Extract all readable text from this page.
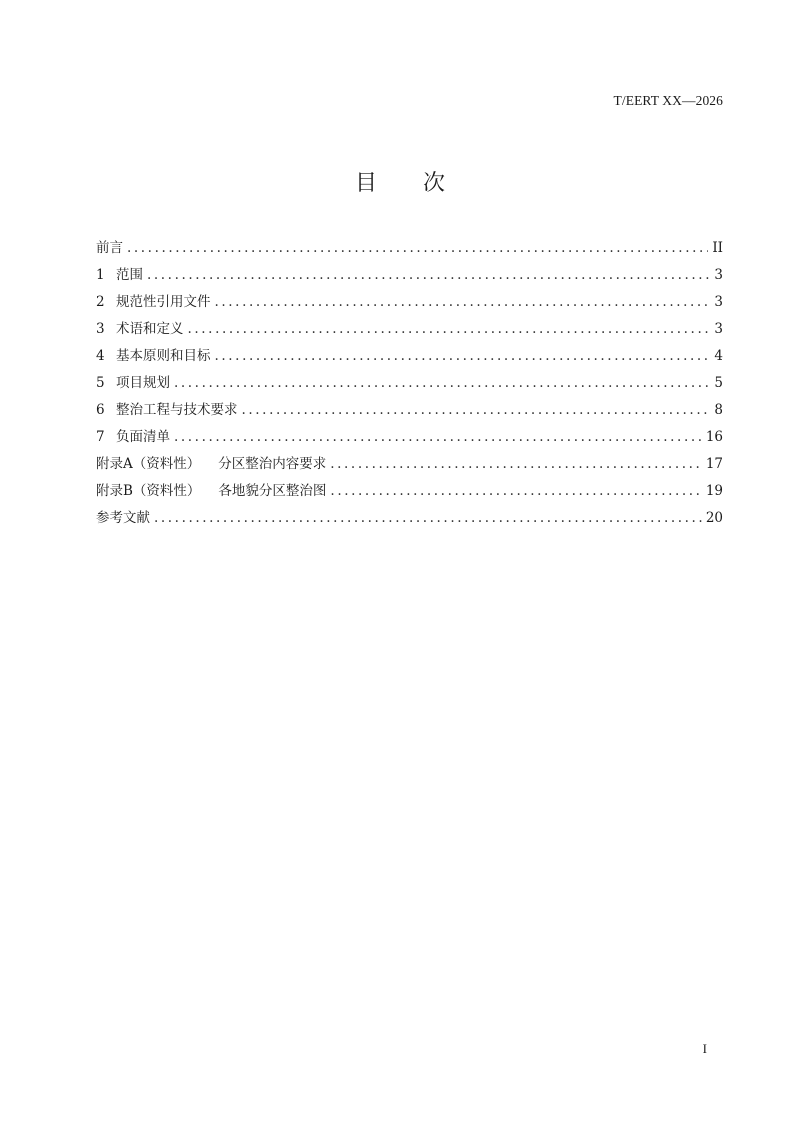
T/EERT XX—2026
目 次
前言 .....	II
1 范围 .....	3
2 规范性引用文件 .....	3
3 术语和定义 .....	3
4 基本原则和目标 .....	4
5 项目规划 .....	5
6 整治工程与技术要求 .....	8
7 负面清单 .....	16
附录A（资料性） 分区整治内容要求 .....	17
附录B（资料性） 各地貌分区整治图 .....	19
参考文献 .....	20
I
